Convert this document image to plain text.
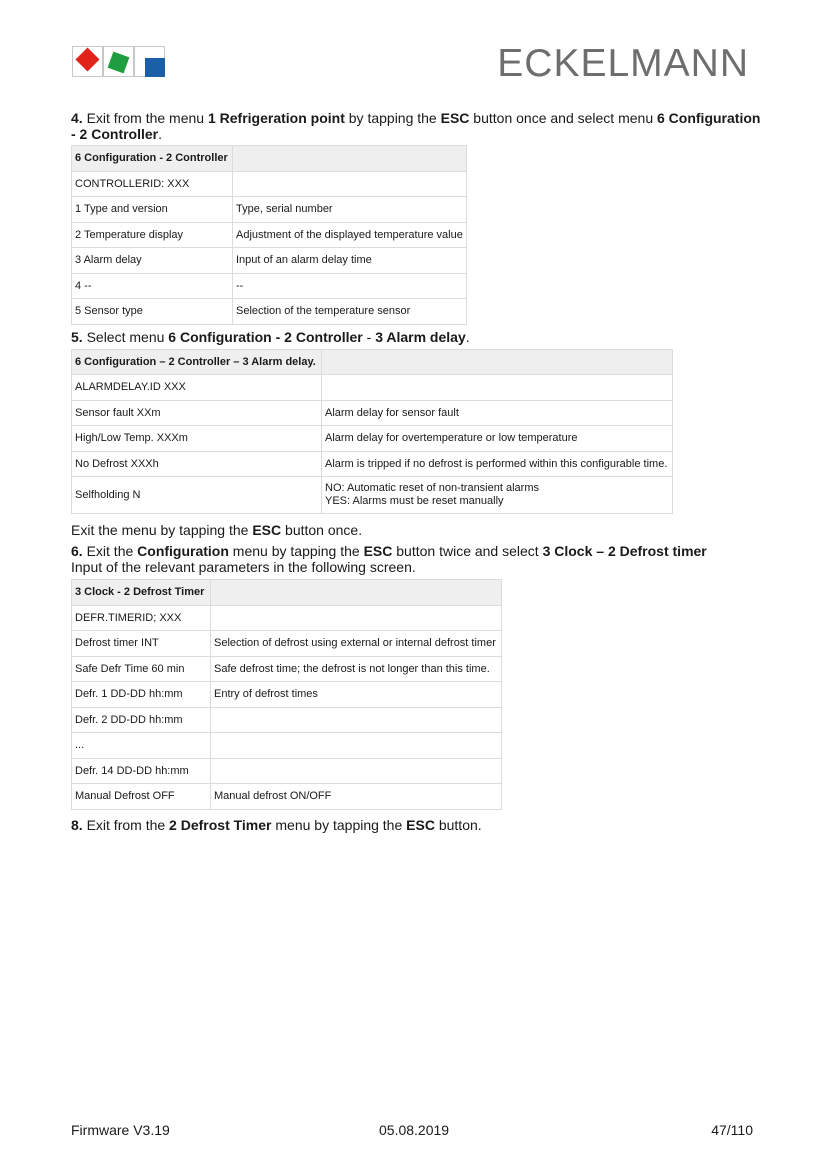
ECKELMANN

4. Exit from the menu 1 Refrigeration point by tapping the ESC button once and select menu 6 Configuration - 2 Controller.

6 Configuration - 2 Controller	
CONTROLLERID: XXX	
1 Type and version	Type, serial number
2 Temperature display	Adjustment of the displayed temperature value
3 Alarm delay	Input of an alarm delay time
4 --	--
5 Sensor type	Selection of the temperature sensor

5. Select menu 6 Configuration - 2 Controller - 3 Alarm delay.

6 Configuration – 2 Controller – 3 Alarm delay.	
ALARMDELAY.ID XXX	
Sensor fault XXm	Alarm delay for sensor fault
High/Low Temp. XXXm	Alarm delay for overtemperature or low temperature
No Defrost XXXh	Alarm is tripped if no defrost is performed within this configurable time.
Selfholding N	NO: Automatic reset of non-transient alarms
YES: Alarms must be reset manually

Exit the menu by tapping the ESC button once.

6. Exit the Configuration menu by tapping the ESC button twice and select 3 Clock – 2 Defrost timer
Input of the relevant parameters in the following screen.

3 Clock - 2 Defrost Timer	
DEFR.TIMERID; XXX	
Defrost timer INT	Selection of defrost using external or internal defrost timer
Safe Defr Time 60 min	Safe defrost time; the defrost is not longer than this time.
Defr. 1 DD-DD hh:mm	Entry of defrost times
Defr. 2 DD-DD hh:mm	
...	
Defr. 14 DD-DD hh:mm	
Manual Defrost OFF	Manual defrost ON/OFF

8. Exit from the 2 Defrost Timer menu by tapping the ESC button.

Firmware V3.19	05.08.2019	47/110
